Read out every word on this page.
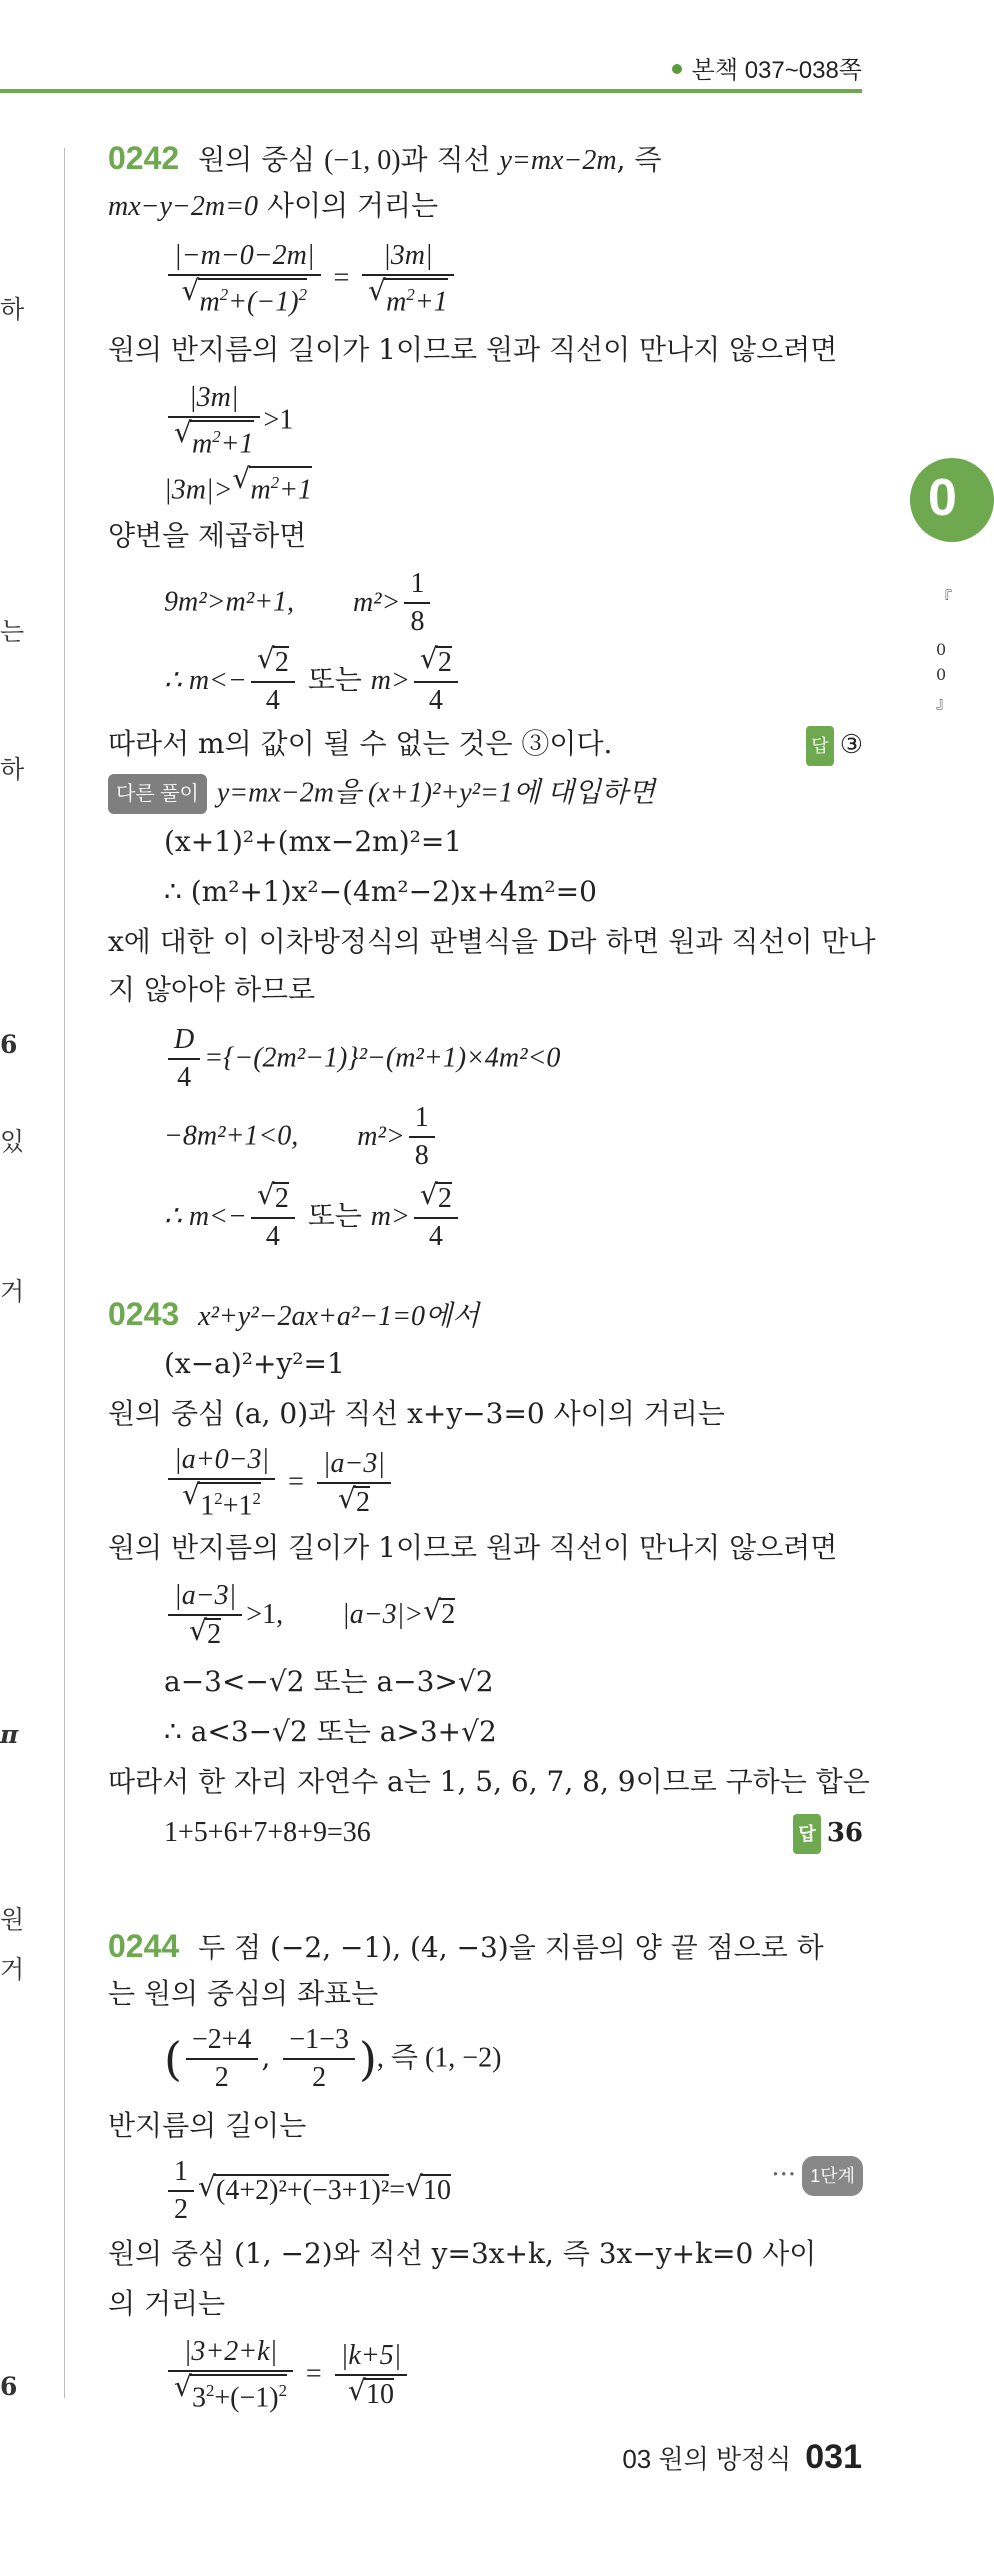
본책 037~038쪽
하
는
하
6
있
거
π
원
거
6
0
『
0
0
』
0242 원의 중심 (−1, 0)과 직선 y=mx−2m, 즉
mx−y−2m=0 사이의 거리는
|−m−0−2m|
√ $m^2+(-1)^2 = |3m|$
√ $m^2+1$
원의 반지름의 길이가 1이므로 원과 직선이 만나지 않으려면
|3m|
√ $m^2+1 >1$
|3m|> √ $m^2+1$
양변을 제곱하면
9m²>m²+1, $m^2> \frac{1}{8}$
∴ m<− √ $\frac{2}{4}$ 또는 m> √ $\frac{2}{4}$
따라서 m의 값이 될 수 없는 것은 ③이다.	답 ③
다른 풀이 y=mx−2m을 (x+1)²+y²=1에 대입하면
(x+1)²+(mx−2m)²=1
∴ (m²+1)x²−(4m²−2)x+4m²=0
x에 대한 이 이차방정식의 판별식을 D라 하면 원과 직선이 만나
지 않아야 하므로
$\frac{D}{4} =\{-(2m^2-1)\}^2-(m^2+1)\times 4m^2<0$
−8m²+1<0, $m^2> \frac{1}{8}$
∴ m<− √ $\frac{2}{4}$ 또는 m> √ $\frac{2}{4}$
0243 x²+y²−2ax+a²−1=0에서
(x−a)²+y²=1
원의 중심 (a, 0)과 직선 x+y−3=0 사이의 거리는
|a+0−3|
√ $1^2+1^2 = |a-3|$
√ 2
원의 반지름의 길이가 1이므로 원과 직선이 만나지 않으려면
|a−3|
√ 2 >1, |a−3|> √ 2
a−3<−√2 또는 a−3>√2
∴ a<3−√2 또는 a>3+√2
따라서 한 자리 자연수 a는 1, 5, 6, 7, 8, 9이므로 구하는 합은
1+5+6+7+8+9=36	답 36
0244 두 점 (−2, −1), (4, −3)을 지름의 양 끝 점으로 하
는 원의 중심의 좌표는
( $\frac{-2+4}{2}$ , $\frac{-1-3}{2}$ ), 즉 (1, −2)
반지름의 길이는
$\frac{1}{2}$ √ (4+2)²+(−3+1)²= √ 10	··· 1단계
원의 중심 (1, −2)와 직선 y=3x+k, 즉 3x−y+k=0 사이
의 거리는
|3+2+k|
√ $3^2+(-1)^2 = |k+5|$
√ 10
03 원의 방정식 031
